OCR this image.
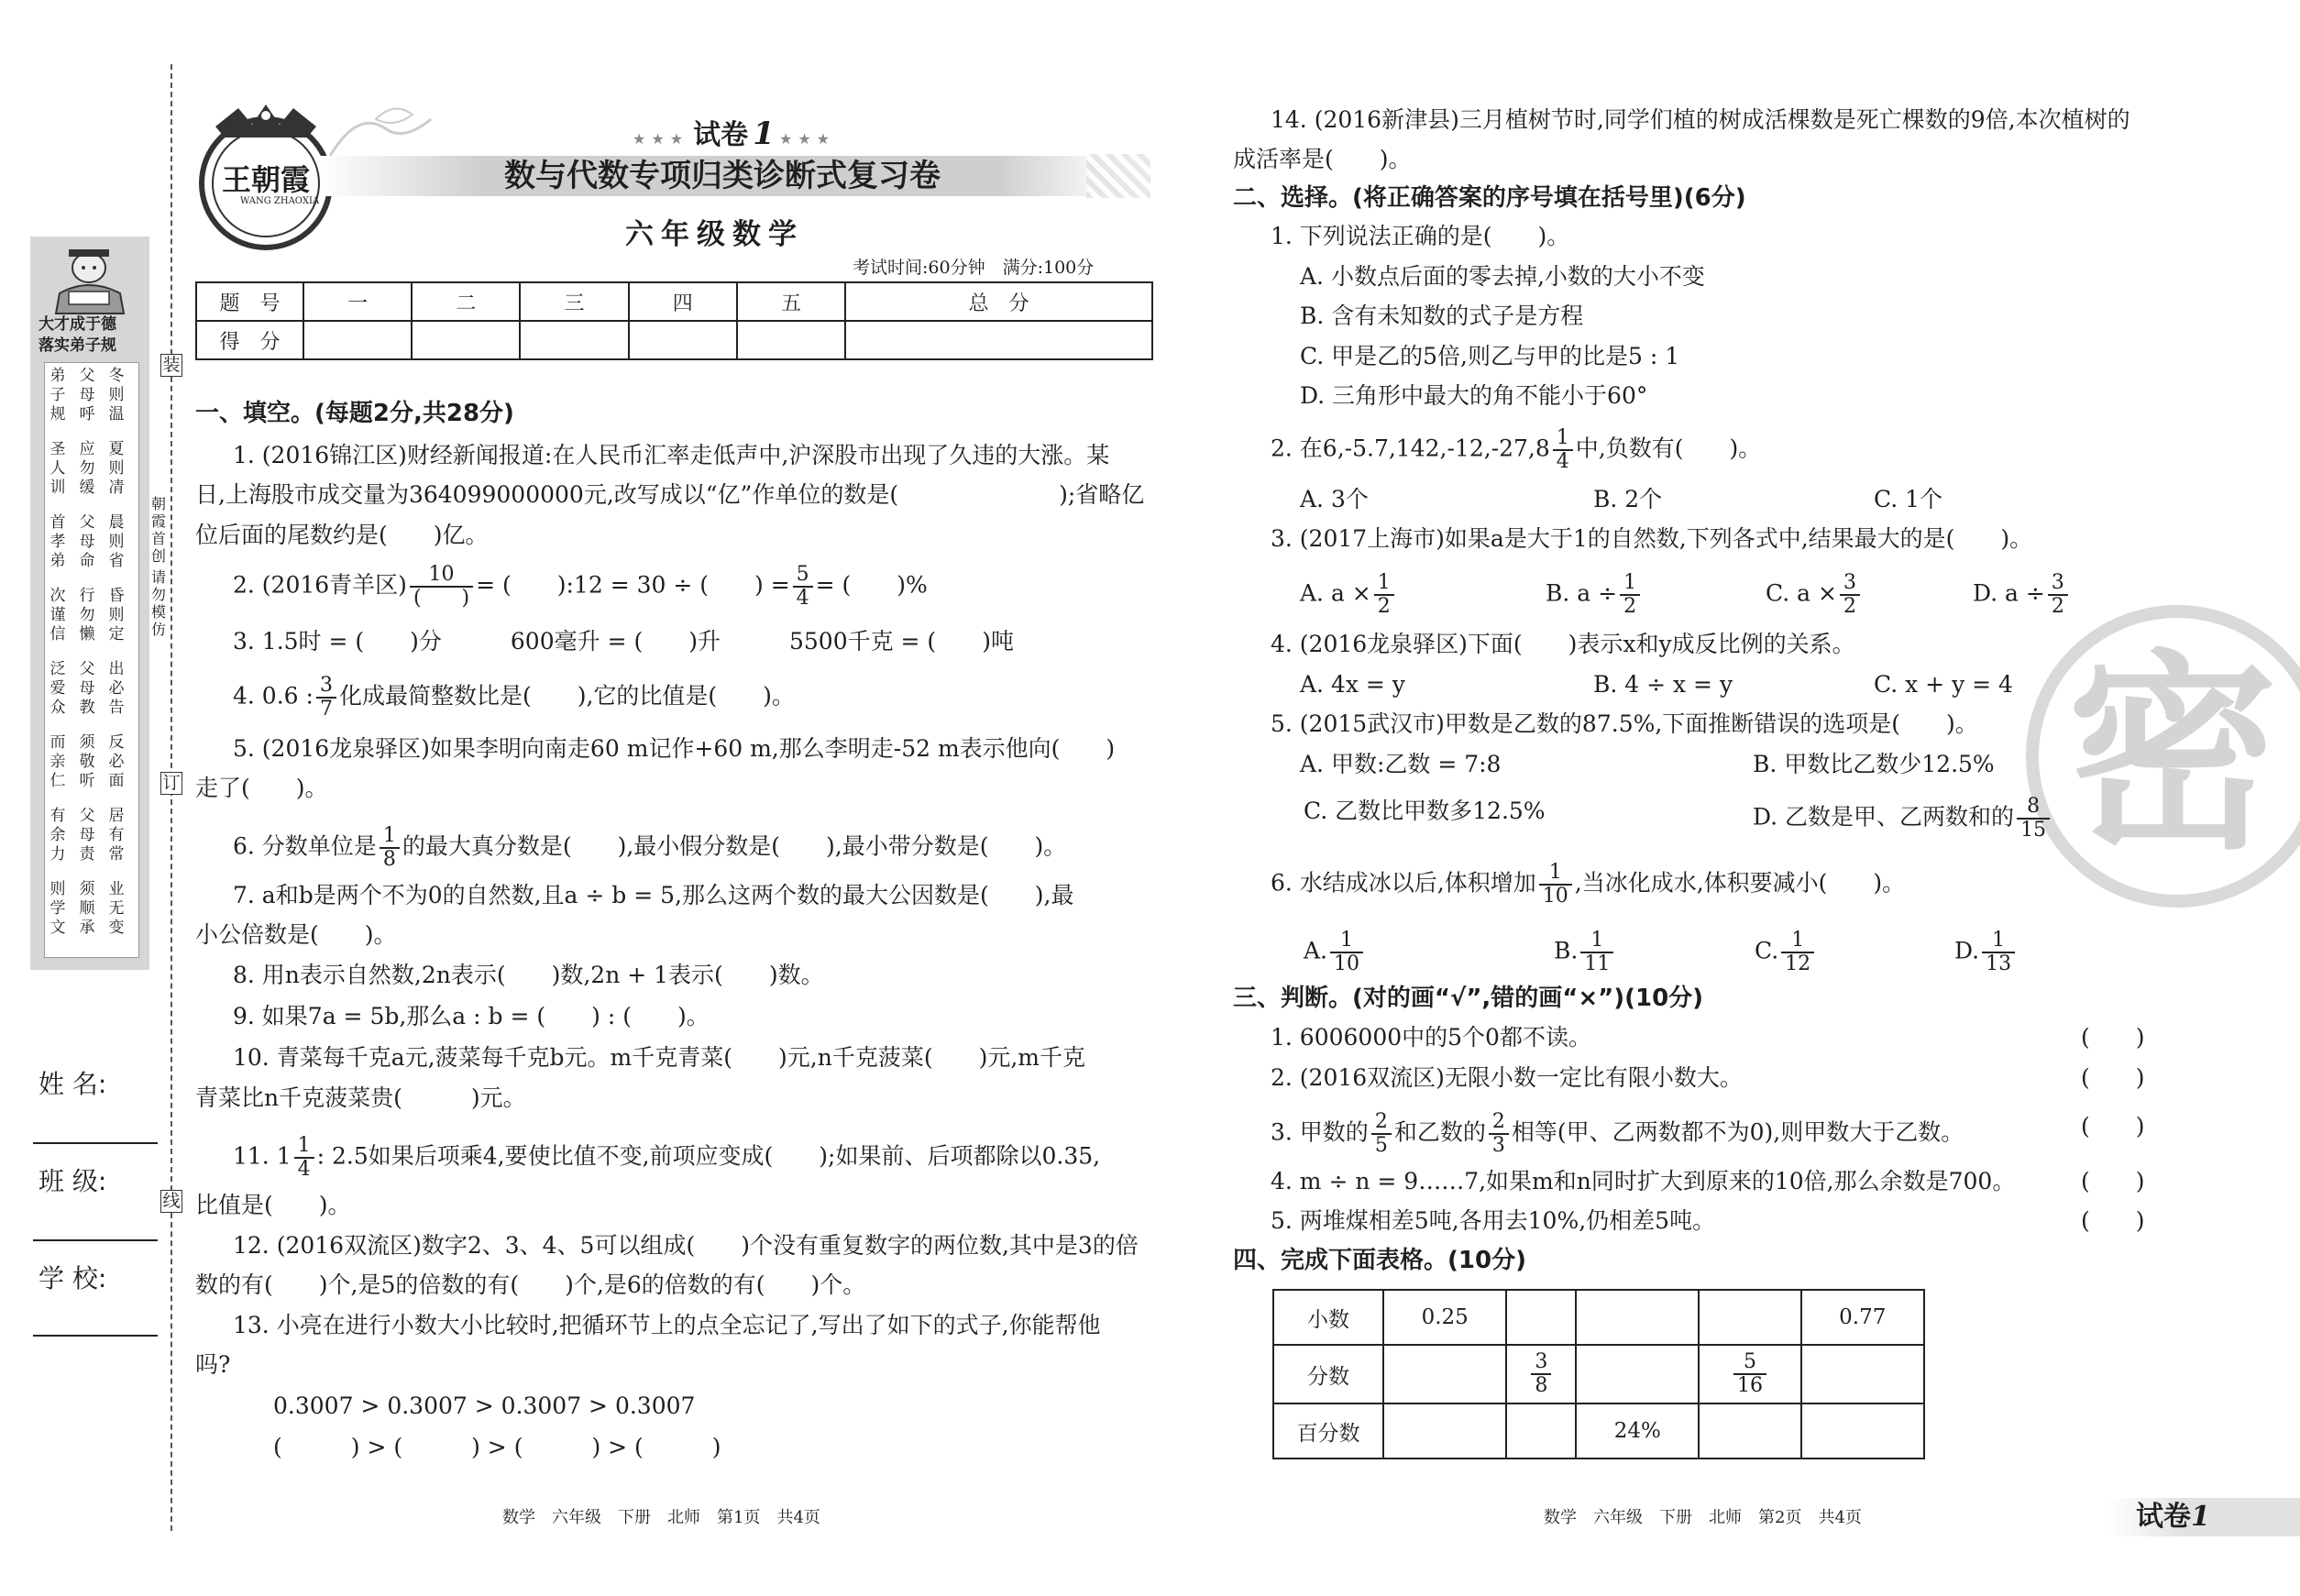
大才成于德
落实弟子规
冬则温
夏则凊
晨则省
昏则定
出必告
反必面
居有常
业无变
父母呼
应勿缓
父母命
行勿懒
父母教
须敬听
父母责
须顺承
弟子规
圣人训
首孝弟
次谨信
泛爱众
而亲仁
有余力
则学文
姓 名:
班 级:
学 校:
装
订
线
朝霞首创
请勿模仿
王朝霞
WANG ZHAOXIA
★★★ 试卷 1 ★★★
数与代数专项归类诊断式复习卷
六年级数学
考试时间:60分钟　满分:100分
题　号	一	二	三	四	五	总　分
得　分						
一、填空。(每题2分,共28分)
1. (2016锦江区)财经新闻报道:在人民币汇率走低声中,沪深股市出现了久违的大涨。某
日,上海股市成交量为364099000000元,改写成以“亿”作单位的数是(　　　　　　　);省略亿
位后面的尾数约是(　　)亿。
2. (2016青羊区) $\frac{10}{( )}$ = (　　):12 = 30 ÷ (　　) = $\frac{5}{4}$ = (　　)%
3. 1.5时 = (　　)分　　　600毫升 = (　　)升　　　5500千克 = (　　)吨
4. 0.6 : $\frac{3}{7}$ 化成最简整数比是(　　),它的比值是(　　)。
5. (2016龙泉驿区)如果李明向南走60 m记作+60 m,那么李明走-52 m表示他向(　　)
走了(　　)。
6. 分数单位是 $\frac{1}{8}$ 的最大真分数是(　　),最小假分数是(　　),最小带分数是(　　)。
7. a和b是两个不为0的自然数,且a ÷ b = 5,那么这两个数的最大公因数是(　　),最
小公倍数是(　　)。
8. 用n表示自然数,2n表示(　　)数,2n + 1表示(　　)数。
9. 如果7a = 5b,那么a : b = (　　) : (　　)。
10. 青菜每千克a元,菠菜每千克b元。m千克青菜(　　)元,n千克菠菜(　　)元,m千克
青菜比n千克菠菜贵(　　　)元。
11. $1 \frac{1}{4}$ : 2.5如果后项乘4,要使比值不变,前项应变成(　　);如果前、后项都除以0.35,
比值是(　　)。
12. (2016双流区)数字2、3、4、5可以组成(　　)个没有重复数字的两位数,其中是3的倍
数的有(　　)个,是5的倍数的有(　　)个,是6的倍数的有(　　)个。
13. 小亮在进行小数大小比较时,把循环节上的点全忘记了,写出了如下的式子,你能帮他
吗?
0.3007 > 0.3007 > 0.3007 > 0.3007
(　　　) > (　　　) > (　　　) > (　　　)
数学　六年级　下册　北师　第1页　共4页
密
14. (2016新津县)三月植树节时,同学们植的树成活棵数是死亡棵数的9倍,本次植树的
成活率是(　　)。
二、选择。(将正确答案的序号填在括号里)(6分)
1. 下列说法正确的是(　　)。
A. 小数点后面的零去掉,小数的大小不变
B. 含有未知数的式子是方程
C. 甲是乙的5倍,则乙与甲的比是5 : 1
D. 三角形中最大的角不能小于60°
2. 在$6,-5.7,142,-12,-27,8 \frac{1}{4}$ 中,负数有(　　)。
A. 3个	B. 2个	C. 1个
3. (2017上海市)如果a是大于1的自然数,下列各式中,结果最大的是(　　)。
A. $a \times \frac{1}{2}$	B. $a \div \frac{1}{2}$	C. $a \times \frac{3}{2}$	D. $a \div \frac{3}{2}$
4. (2016龙泉驿区)下面(　　)表示x和y成反比例的关系。
A. 4x = y	B. 4 ÷ x = y	C. x + y = 4
5. (2015武汉市)甲数是乙数的87.5%,下面推断错误的选项是(　　)。
A. 甲数:乙数 = 7:8	B. 甲数比乙数少12.5%
C. 乙数比甲数多12.5%	D. 乙数是甲、乙两数和的 $\frac{8}{15}$
6. 水结成冰以后,体积增加 $\frac{1}{10}$ ,当冰化成水,体积要减小(　　)。
A. $\frac{1}{10}$	B. $\frac{1}{11}$	C. $\frac{1}{12}$	D. $\frac{1}{13}$
三、判断。(对的画“√”,错的画“×”)(10分)
1. 6006000中的5个0都不读。	(　　)
2. (2016双流区)无限小数一定比有限小数大。	(　　)
3. 甲数的 $\frac{2}{5}$ 和乙数的 $\frac{2}{3}$ 相等(甲、乙两数都不为0),则甲数大于乙数。	(　　)
4. m ÷ n = 9……7,如果m和n同时扩大到原来的10倍,那么余数是700。	(　　)
5. 两堆煤相差5吨,各用去10%,仍相差5吨。	(　　)
四、完成下面表格。(10分)
小数	0.25				0.77
分数		$\frac{3}{8}$		$\frac{5}{16}$

百分数			24%		
数学　六年级　下册　北师　第2页　共4页	试卷1
